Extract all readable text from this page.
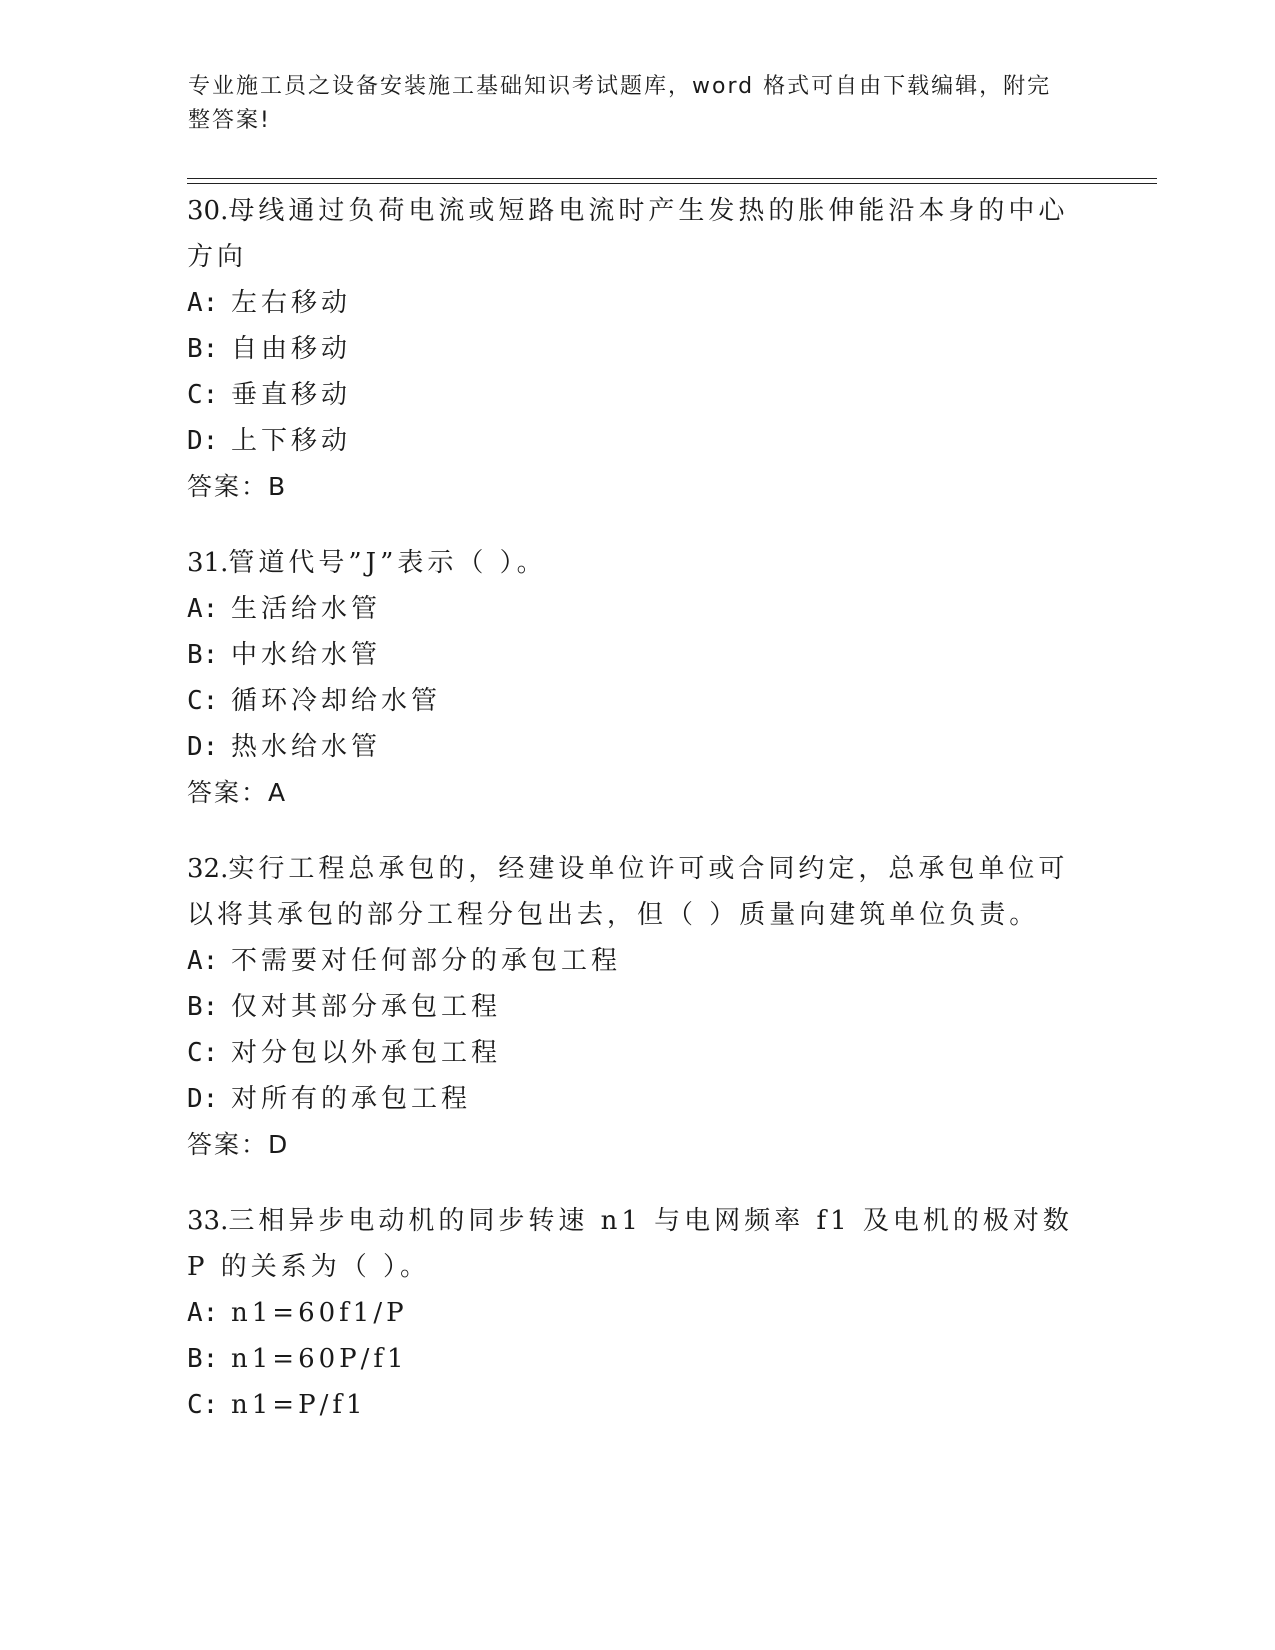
专业施工员之设备安装施工基础知识考试题库，word 格式可自由下载编辑，附完整答案!

30.母线通过负荷电流或短路电流时产生发热的胀伸能沿本身的中心方向

A: 左右移动

B: 自由移动

C: 垂直移动

D: 上下移动

答案：B

31.管道代号”J”表示（ ）。

A: 生活给水管

B: 中水给水管

C: 循环冷却给水管

D: 热水给水管

答案：A

32.实行工程总承包的，经建设单位许可或合同约定，总承包单位可以将其承包的部分工程分包出去，但（ ）质量向建筑单位负责。

A: 不需要对任何部分的承包工程

B: 仅对其部分承包工程

C: 对分包以外承包工程

D: 对所有的承包工程

答案：D

33.三相异步电动机的同步转速 n1 与电网频率 f1 及电机的极对数 P 的关系为（ ）。

A: n1=60f1/P

B: n1=60P/f1

C: n1=P/f1
